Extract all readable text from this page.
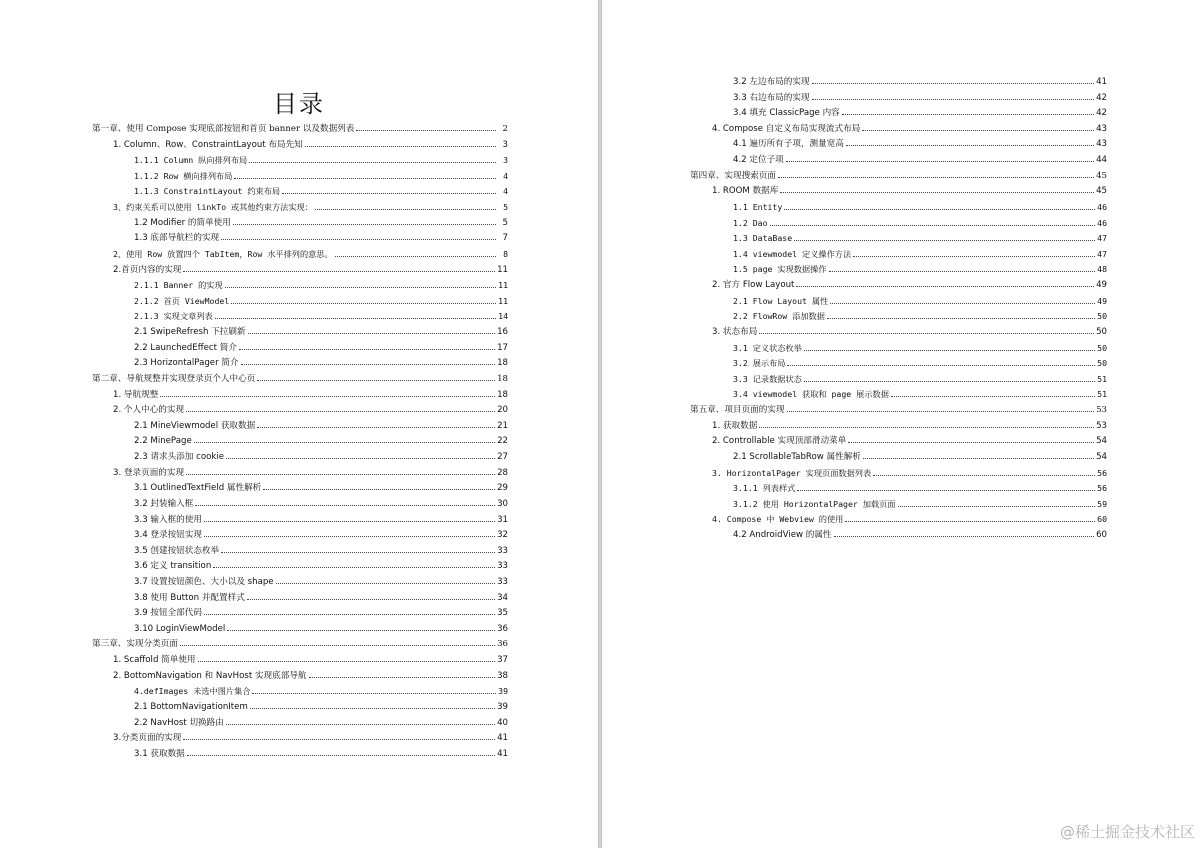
目录
第一章、使用 Compose 实现底部按钮和首页 banner 以及数据列表	2
1. Column、Row、ConstraintLayout 布局先知	3
1.1.1 Column 纵向排列布局	3
1.1.2 Row 横向排列布局	4
1.1.3 ConstraintLayout 约束布局	4
3、约束关系可以使用 linkTo 或其他约束方法实现：	5
1.2 Modifier 的简单使用	5
1.3 底部导航栏的实现	7
2、使用 Row 放置四个 TabItem，Row 水平排列的意思。	8
2.首页内容的实现	11
2.1.1 Banner 的实现	11
2.1.2 首页 ViewModel	11
2.1.3 实现文章列表	14
2.1 SwipeRefresh 下拉刷新	16
2.2 LaunchedEffect 简介	17
2.3 HorizontalPager 简介	18
第二章、导航规整并实现登录页个人中心页	18
1. 导航规整	18
2. 个人中心的实现	20
2.1 MineViewmodel 获取数据	21
2.2 MinePage	22
2.3 请求头添加 cookie	27
3. 登录页面的实现	28
3.1 OutlinedTextField 属性解析	29
3.2 封装输入框	30
3.3 输入框的使用	31
3.4 登录按钮实现	32
3.5 创建按钮状态枚举	33
3.6 定义 transition	33
3.7 设置按钮颜色、大小以及 shape	33
3.8 使用 Button 并配置样式	34
3.9 按钮全部代码	35
3.10 LoginViewModel	36
第三章、实现分类页面	36
1. Scaffold 简单使用	37
2. BottomNavigation 和 NavHost 实现底部导航	38
4.defImages 未选中图片集合	39
2.1 BottomNavigationItem	39
2.2 NavHost 切换路由	40
3.分类页面的实现	41
3.1 获取数据	41
3.2 左边布局的实现	41
3.3 右边布局的实现	42
3.4 填充 ClassicPage 内容	42
4. Compose 自定义布局实现流式布局	43
4.1 遍历所有子项，测量宽高	43
4.2 定位子项	44
第四章、实现搜索页面	45
1. ROOM 数据库	45
1.1 Entity	46
1.2 Dao	46
1.3 DataBase	47
1.4 viewmodel 定义操作方法	47
1.5 page 实现数据操作	48
2. 官方 Flow Layout	49
2.1 Flow Layout 属性	49
2.2 FlowRow 添加数据	50
3. 状态布局	50
3.1 定义状态枚举	50
3.2 展示布局	50
3.3 记录数据状态	51
3.4 viewmodel 获取和 page 展示数据	51
第五章、项目页面的实现	53
1. 获取数据	53
2. Controllable 实现顶部滑动菜单	54
2.1 ScrollableTabRow 属性解析	54
3. HorizontalPager 实现页面数据列表	56
3.1.1 列表样式	56
3.1.2 使用 HorizontalPager 加载页面	59
4. Compose 中 Webview 的使用	60
4.2 AndroidView 的属性	60
@稀土掘金技术社区
